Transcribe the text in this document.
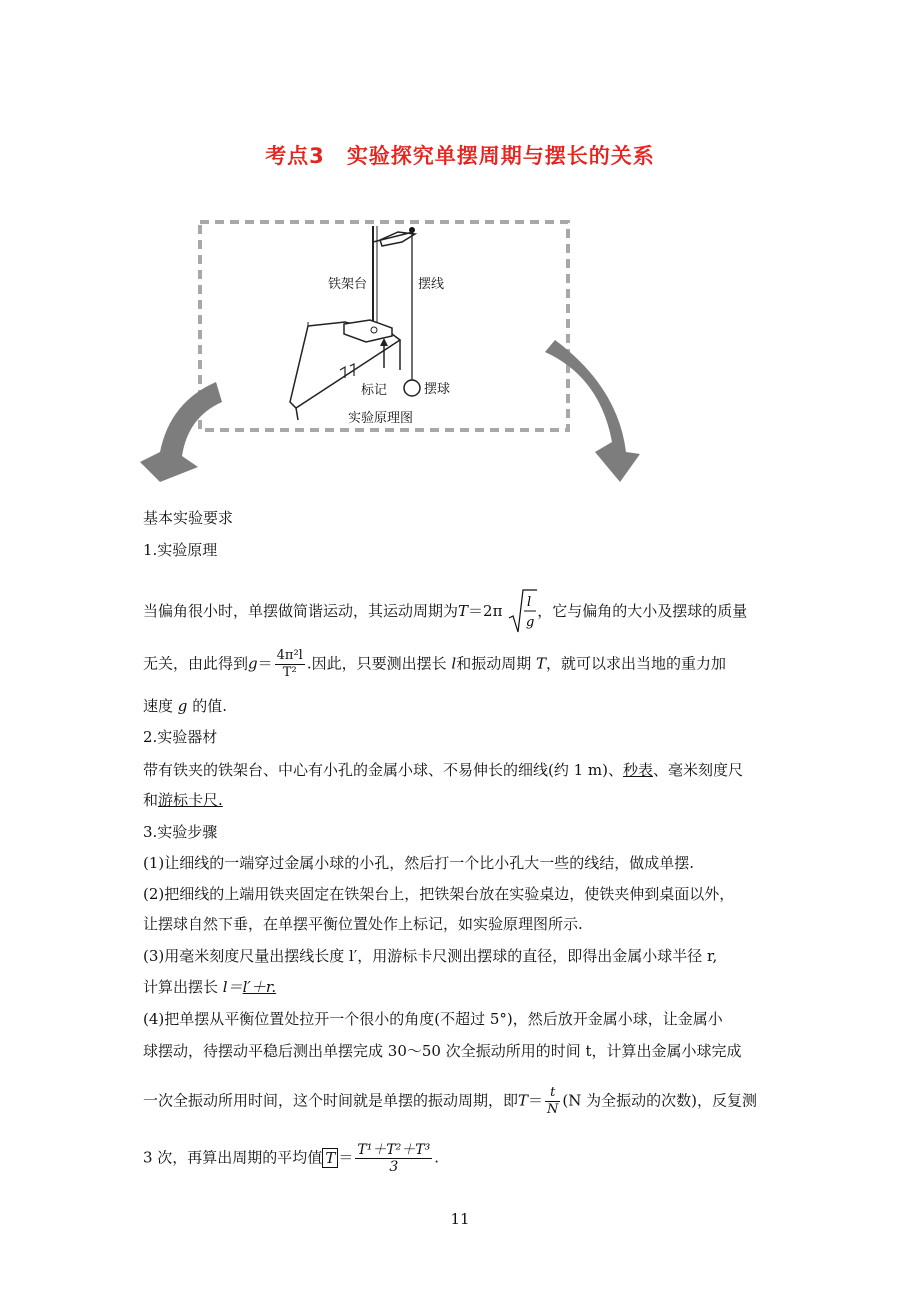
考点3 实验探究单摆周期与摆长的关系
铁架台	摆线
标记	摆球
实验原理图
基本实验要求
1.实验原理
当偏角很小时，单摆做简谐运动，其运动周期为T＝2π l
g
，它与偏角的大小及摆球的质量
无关，由此得到$g= \frac{\text{4π²l}}{\text{T²}}$ .因此，只要测出摆长 l和振动周期 T，就可以求出当地的重力加
速度 g 的值.
2.实验器材
带有铁夹的铁架台、中心有小孔的金属小球、不易伸长的细线(约 1 m)、秒表、毫米刻度尺
和游标卡尺.
3.实验步骤
(1)让细线的一端穿过金属小球的小孔，然后打一个比小孔大一些的线结，做成单摆.
(2)把细线的上端用铁夹固定在铁架台上，把铁架台放在实验桌边，使铁夹伸到桌面以外，
让摆球自然下垂，在单摆平衡位置处作上标记，如实验原理图所示.
(3)用毫米刻度尺量出摆线长度 l′，用游标卡尺测出摆球的直径，即得出金属小球半径 r,
计算出摆长 l＝l′＋r.
(4)把单摆从平衡位置处拉开一个很小的角度(不超过 5°)，然后放开金属小球，让金属小
球摆动，待摆动平稳后测出单摆完成 30～50 次全振动所用的时间 t，计算出金属小球完成
一次全振动所用时间，这个时间就是单摆的振动周期，即$T= \frac{t}{N} (N$ 为全振动的次数)，反复测
3 次，再算出周期的平均值 $T = \frac{\text{T¹＋T²＋T³}}{3}$ .
11
